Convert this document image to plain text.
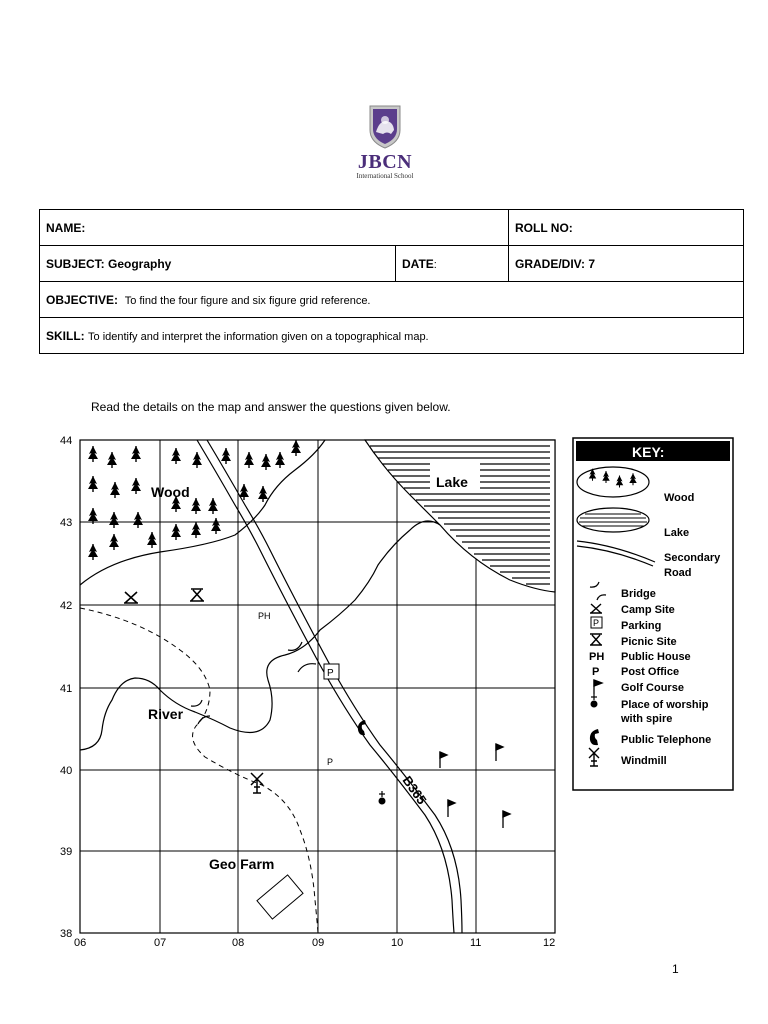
JBCN
International School
NAME:		ROLL NO:
SUBJECT: Geography	DATE:	GRADE/DIV: 7
OBJECTIVE: To find the four figure and six figure grid reference.		
SKILL: To identify and interpret the information given on a topographical map.		
Read the details on the map and answer the questions given below.
44
43
42
41
40
39
38
06	07	08	09	10	11	12
Wood
Lake
River
B365
PH
P
P
Geo Farm
KEY:
Wood
Lake
Secondary
Road
Bridge
Camp Site
P Parking
Picnic Site
PH Public House
P Post Office
Golf Course
Place of worship
with spire
Public Telephone
Windmill
1
